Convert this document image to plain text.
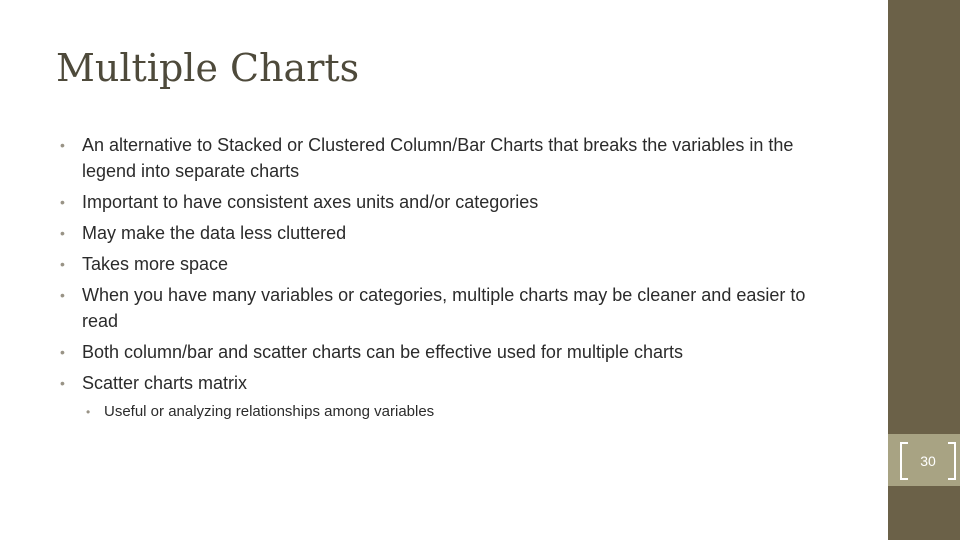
Multiple Charts
• An alternative to Stacked or Clustered Column/Bar Charts that breaks the variables in the legend into separate charts
• Important to have consistent axes units and/or categories
• May make the data less cluttered
• Takes more space
• When you have many variables or categories, multiple charts may be cleaner and easier to read
• Both column/bar and scatter charts can be effective used for multiple charts
• Scatter charts matrix
• Useful or analyzing relationships among variables
30
